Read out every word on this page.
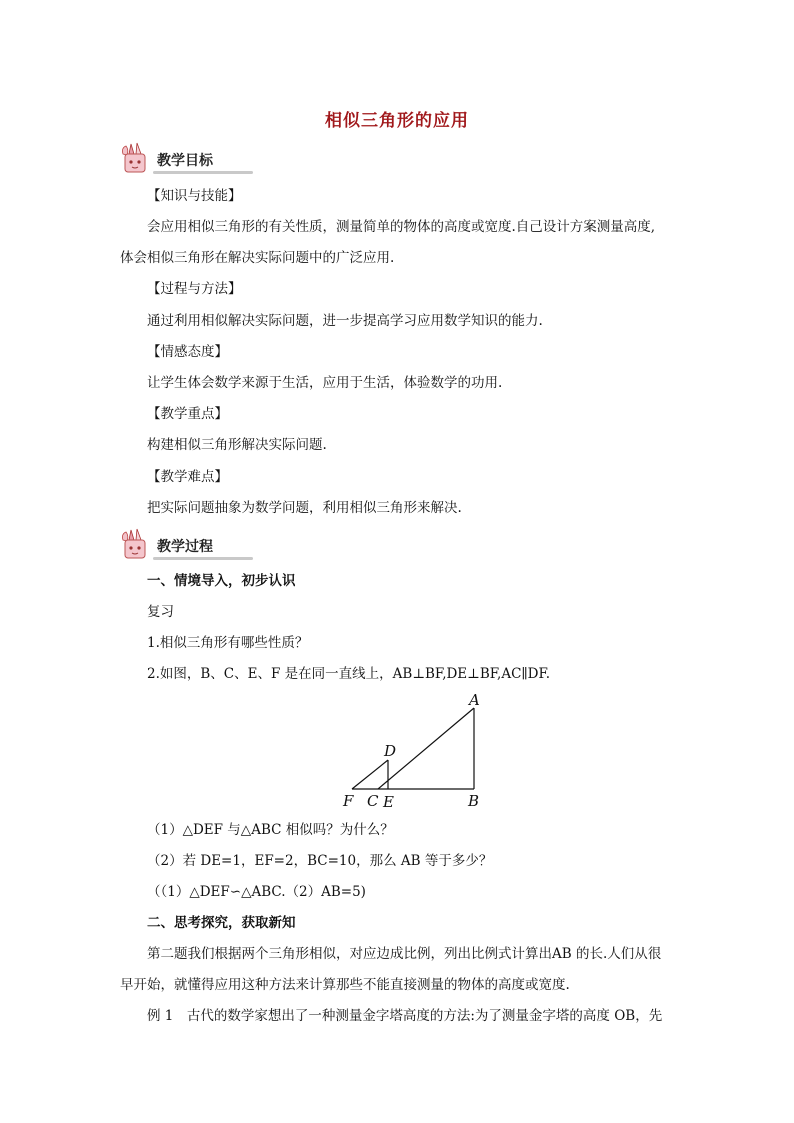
相似三角形的应用
教学目标
【知识与技能】
会应用相似三角形的有关性质，测量简单的物体的高度或宽度.自己设计方案测量高度,
体会相似三角形在解决实际问题中的广泛应用.
【过程与方法】
通过利用相似解决实际问题，进一步提高学习应用数学知识的能力.
【情感态度】
让学生体会数学来源于生活，应用于生活，体验数学的功用.
【教学重点】
构建相似三角形解决实际问题.
【教学难点】
把实际问题抽象为数学问题，利用相似三角形来解决.
教学过程
一、情境导入，初步认识
复习
1.相似三角形有哪些性质？
2.如图，B、C、E、F 是在同一直线上，AB⊥BF,DE⊥BF,AC∥DF.
A
D
F C E	B
（1）△DEF 与△ABC 相似吗？为什么？
（2）若 DE=1，EF=2，BC=10，那么 AB 等于多少？
（（1）△DEF∽△ABC.（2）AB=5)
二、思考探究，获取新知
第二题我们根据两个三角形相似，对应边成比例，列出比例式计算出AB 的长.人们从很
早开始，就懂得应用这种方法来计算那些不能直接测量的物体的高度或宽度.
例 1　古代的数学家想出了一种测量金字塔高度的方法:为了测量金字塔的高度 OB，先
